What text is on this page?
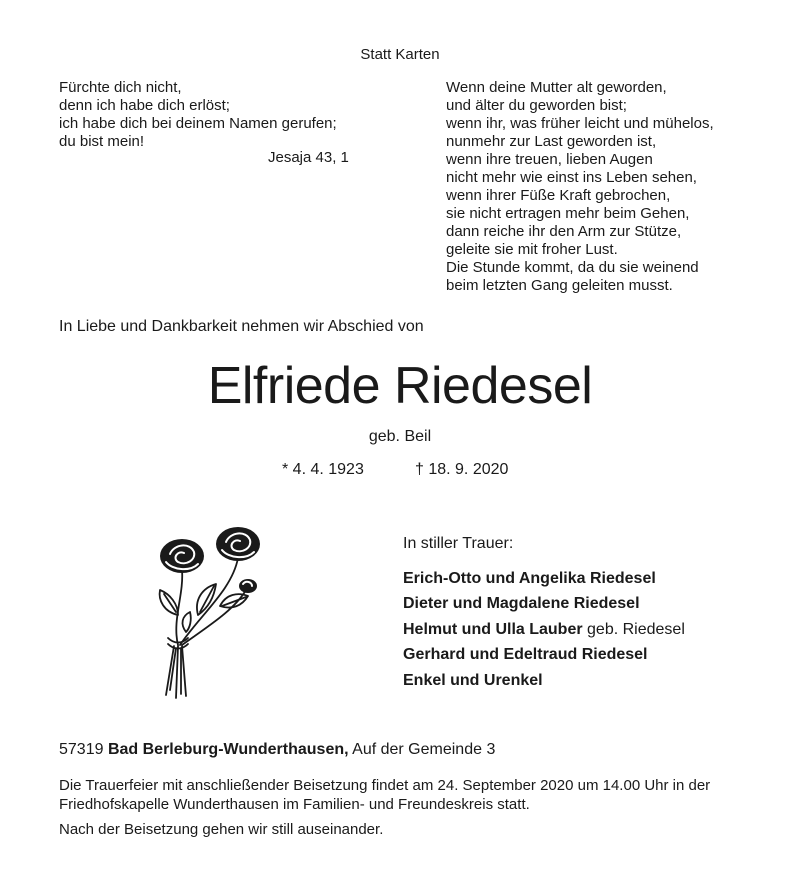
Statt Karten
Fürchte dich nicht,
denn ich habe dich erlöst;
ich habe dich bei deinem Namen gerufen;
du bist mein!
Jesaja 43, 1
Wenn deine Mutter alt geworden,
und älter du geworden bist;
wenn ihr, was früher leicht und mühelos,
nunmehr zur Last geworden ist,
wenn ihre treuen, lieben Augen
nicht mehr wie einst ins Leben sehen,
wenn ihrer Füße Kraft gebrochen,
sie nicht ertragen mehr beim Gehen,
dann reiche ihr den Arm zur Stütze,
geleite sie mit froher Lust.
Die Stunde kommt, da du sie weinend
beim letzten Gang geleiten musst.
In Liebe und Dankbarkeit nehmen wir Abschied von
Elfriede Riedesel
geb. Beil
* 4. 4. 1923	† 18. 9. 2020
In stiller Trauer:
Erich-Otto und Angelika Riedesel
Dieter und Magdalene Riedesel
Helmut und Ulla Lauber geb. Riedesel
Gerhard und Edeltraud Riedesel
Enkel und Urenkel
57319 Bad Berleburg-Wunderthausen, Auf der Gemeinde 3
Die Trauerfeier mit anschließender Beisetzung findet am 24. September 2020 um 14.00 Uhr in der Friedhofskapelle Wunderthausen im Familien- und Freundeskreis statt.
Nach der Beisetzung gehen wir still auseinander.
